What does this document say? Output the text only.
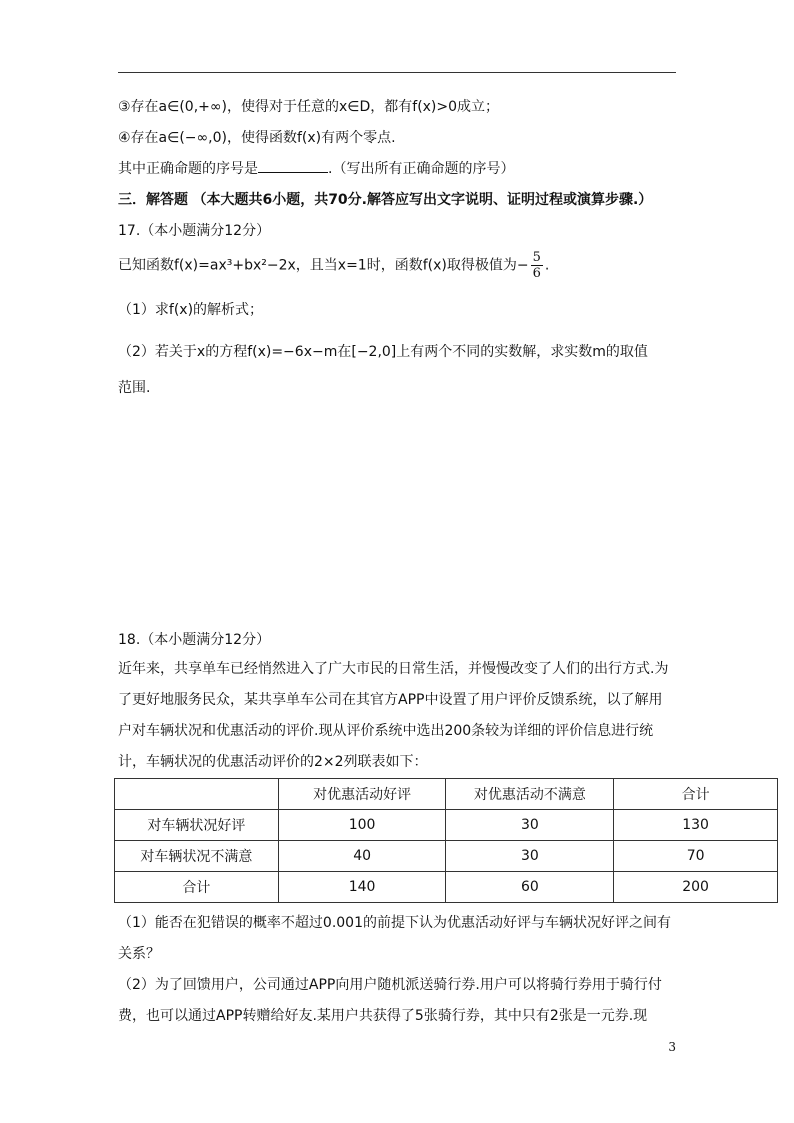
③存在a∈(0,+∞)，使得对于任意的x∈D，都有f(x)>0成立；
④存在a∈(−∞,0)，使得函数f(x)有两个零点.
其中正确命题的序号是	.（写出所有正确命题的序号）
三．解答题 （本大题共6小题，共70分.解答应写出文字说明、证明过程或演算步骤.）
17.（本小题满分12分）
已知函数f(x)=ax³+bx²−2x，且当x=1时，函数f(x)取得极值为− $\frac{5}{6}$ .
（1）求f(x)的解析式；
（2）若关于x的方程f(x)=−6x−m在[−2,0]上有两个不同的实数解，求实数m的取值
范围.
18.（本小题满分12分）
近年来，共享单车已经悄然进入了广大市民的日常生活，并慢慢改变了人们的出行方式.为
了更好地服务民众，某共享单车公司在其官方APP中设置了用户评价反馈系统，以了解用
户对车辆状况和优惠活动的评价.现从评价系统中选出200条较为详细的评价信息进行统
计，车辆状况的优惠活动评价的2×2列联表如下：
	对优惠活动好评	对优惠活动不满意	合计
对车辆状况好评	100	30	130
对车辆状况不满意	40	30	70
合计	140	60	200
（1）能否在犯错误的概率不超过0.001的前提下认为优惠活动好评与车辆状况好评之间有
关系？
（2）为了回馈用户，公司通过APP向用户随机派送骑行券.用户可以将骑行券用于骑行付
费，也可以通过APP转赠给好友.某用户共获得了5张骑行券，其中只有2张是一元券.现
3
